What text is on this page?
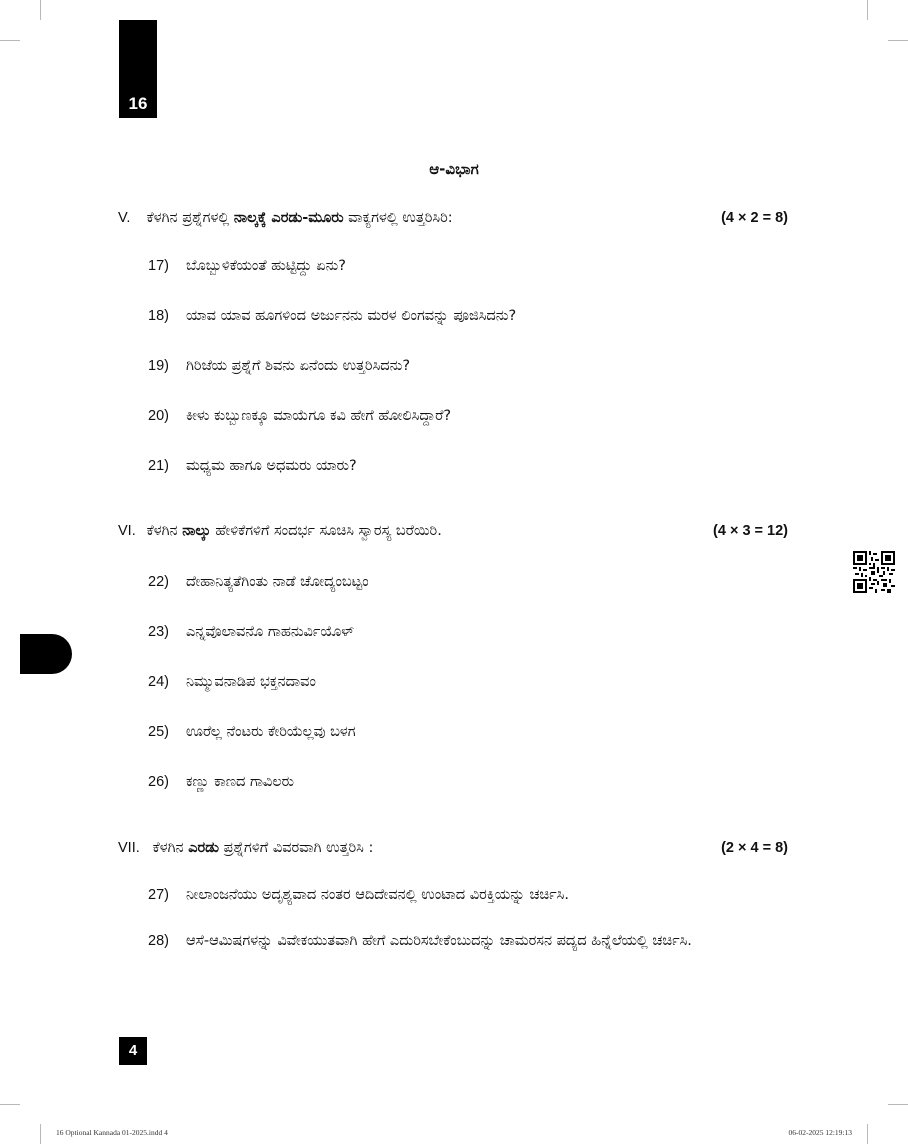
16
ಆ-ವಿಭಾಗ
V. ಕೆಳಗಿನ ಪ್ರಶ್ನೆಗಳಲ್ಲಿ ನಾಲ್ಕಕ್ಕೆ ಎರಡು-ಮೂರು ವಾಕ್ಯಗಳಲ್ಲಿ ಉತ್ತರಿಸಿರಿ:	(4 × 2 = 8)
17) ಬೊಬ್ಬುಳಿಕೆಯಂತೆ ಹುಟ್ಟಿದ್ದು ಏನು?
18) ಯಾವ ಯಾವ ಹೂಗಳಿಂದ ಅರ್ಜುನನು ಮರಳ ಲಿಂಗವನ್ನು ಪೂಜಿಸಿದನು?
19) ಗಿರಿಜೆಯ ಪ್ರಶ್ನೆಗೆ ಶಿವನು ಏನೆಂದು ಉತ್ತರಿಸಿದನು?
20) ಕೀಳು ಕುಬ್ಬುಣಕ್ಕೂ ಮಾಯೆಗೂ ಕವಿ ಹೇಗೆ ಹೋಲಿಸಿದ್ದಾರೆ?
21) ಮಧ್ಯಮ ಹಾಗೂ ಅಧಮರು ಯಾರು?
VI. ಕೆಳಗಿನ ನಾಲ್ಕು ಹೇಳಿಕೆಗಳಿಗೆ ಸಂದರ್ಭ ಸೂಚಿಸಿ ಸ್ವಾರಸ್ಯ ಬರೆಯಿರಿ.	(4 × 3 = 12)
22) ದೇಹಾನಿತ್ಯತೆಗಿಂತು ನಾಡೆ ಚೋದ್ಯಂಬಟ್ಟಂ
23) ಎನ್ನವೊಲಾವನೊ ಗಾಹನುರ್ವಿಯೊಳ್
24) ನಿಮ್ಮುವನಾಡಿಪ ಭಕ್ತನದಾವಂ
25) ಊರೆಲ್ಲ ನೆಂಟರು ಕೇರಿಯೆಲ್ಲವು ಬಳಗ
26) ಕಣ್ಣು ಕಾಣದ ಗಾವಿಲರು
VII. ಕೆಳಗಿನ ಎರಡು ಪ್ರಶ್ನೆಗಳಿಗೆ ವಿವರವಾಗಿ ಉತ್ತರಿಸಿ :	(2 × 4 = 8)
27) ನೀಲಾಂಜನೆಯು ಅದೃಶ್ಯವಾದ ನಂತರ ಆದಿದೇವನಲ್ಲಿ ಉಂಟಾದ ವಿರಕ್ತಿಯನ್ನು ಚರ್ಚಿಸಿ.
28) ಆಸೆ-ಆಮಿಷಗಳನ್ನು ವಿವೇಕಯುತವಾಗಿ ಹೇಗೆ ಎದುರಿಸಬೇಕೆಂಬುದನ್ನು ಚಾಮರಸನ ಪದ್ಯದ ಹಿನ್ನೆಲೆಯಲ್ಲಿ ಚರ್ಚಿಸಿ.
4
16 Optional Kannada 01-2025.indd 4	06-02-2025 12:19:13
